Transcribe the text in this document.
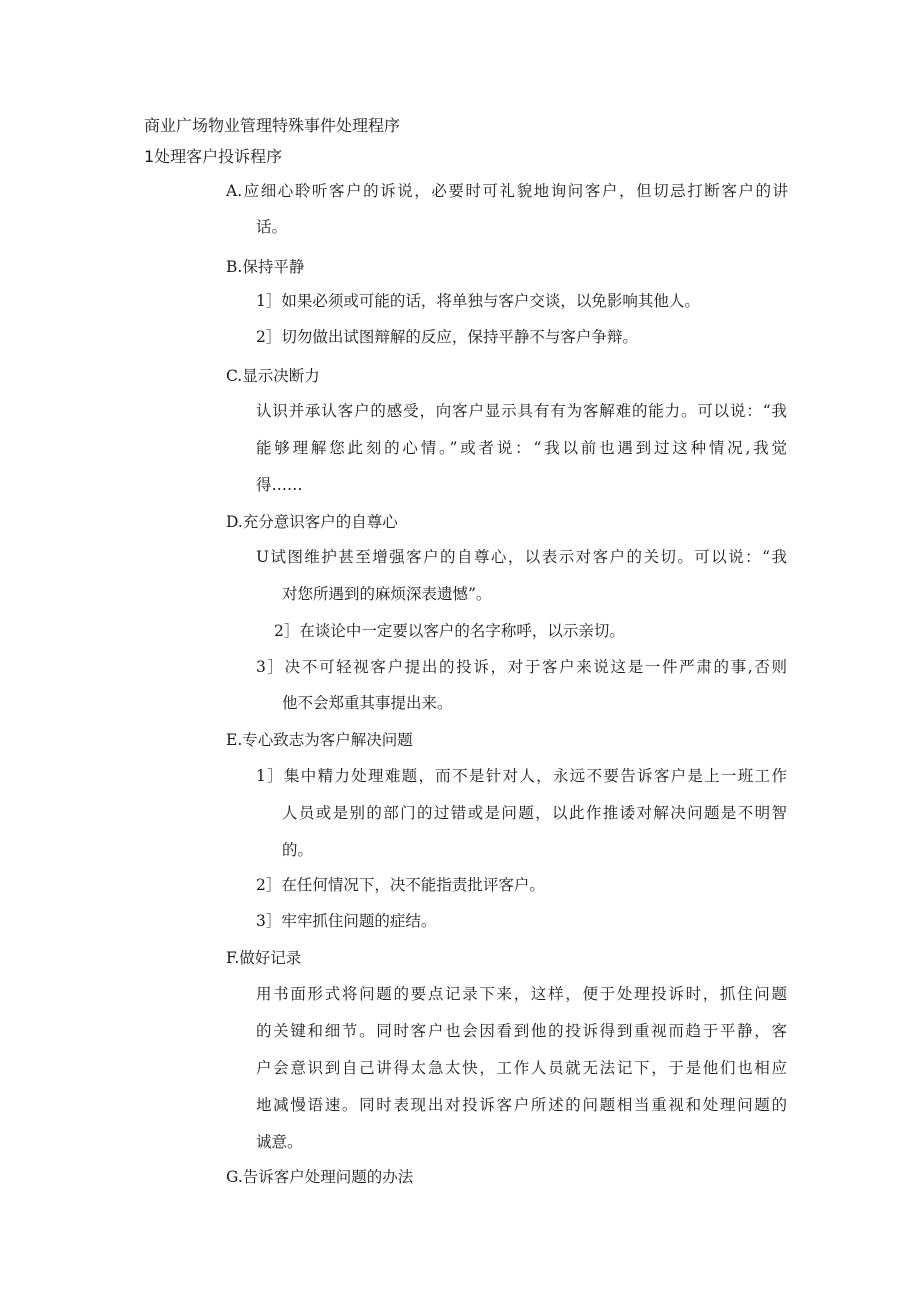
商业广场物业管理特殊事件处理程序
1处理客户投诉程序
A.应细心聆听客户的诉说，必要时可礼貌地询问客户，但切忌打断客户的讲
话。
B.保持平静
1］如果必须或可能的话，将单独与客户交谈，以免影响其他人。
2］切勿做出试图辩解的反应，保持平静不与客户争辩。
C.显示决断力
认识并承认客户的感受，向客户显示具有有为客解难的能力。可以说：“我
能够理解您此刻的心情。”或者说：“我以前也遇到过这种情况,我觉
得……
D.充分意识客户的自尊心
U试图维护甚至增强客户的自尊心，以表示对客户的关切。可以说：“我
对您所遇到的麻烦深表遗憾”。
2］在谈论中一定要以客户的名字称呼，以示亲切。
3］决不可轻视客户提出的投诉，对于客户来说这是一件严肃的事,否则
他不会郑重其事提出来。
E.专心致志为客户解决问题
1］集中精力处理难题，而不是针对人，永远不要告诉客户是上一班工作
人员或是别的部门的过错或是问题，以此作推诿对解决问题是不明智
的。
2］在任何情况下，决不能指责批评客户。
3］牢牢抓住问题的症结。
F.做好记录
用书面形式将问题的要点记录下来，这样，便于处理投诉时，抓住问题
的关键和细节。同时客户也会因看到他的投诉得到重视而趋于平静，客
户会意识到自己讲得太急太快，工作人员就无法记下，于是他们也相应
地减慢语速。同时表现出对投诉客户所述的问题相当重视和处理问题的
诚意。
G.告诉客户处理问题的办法
